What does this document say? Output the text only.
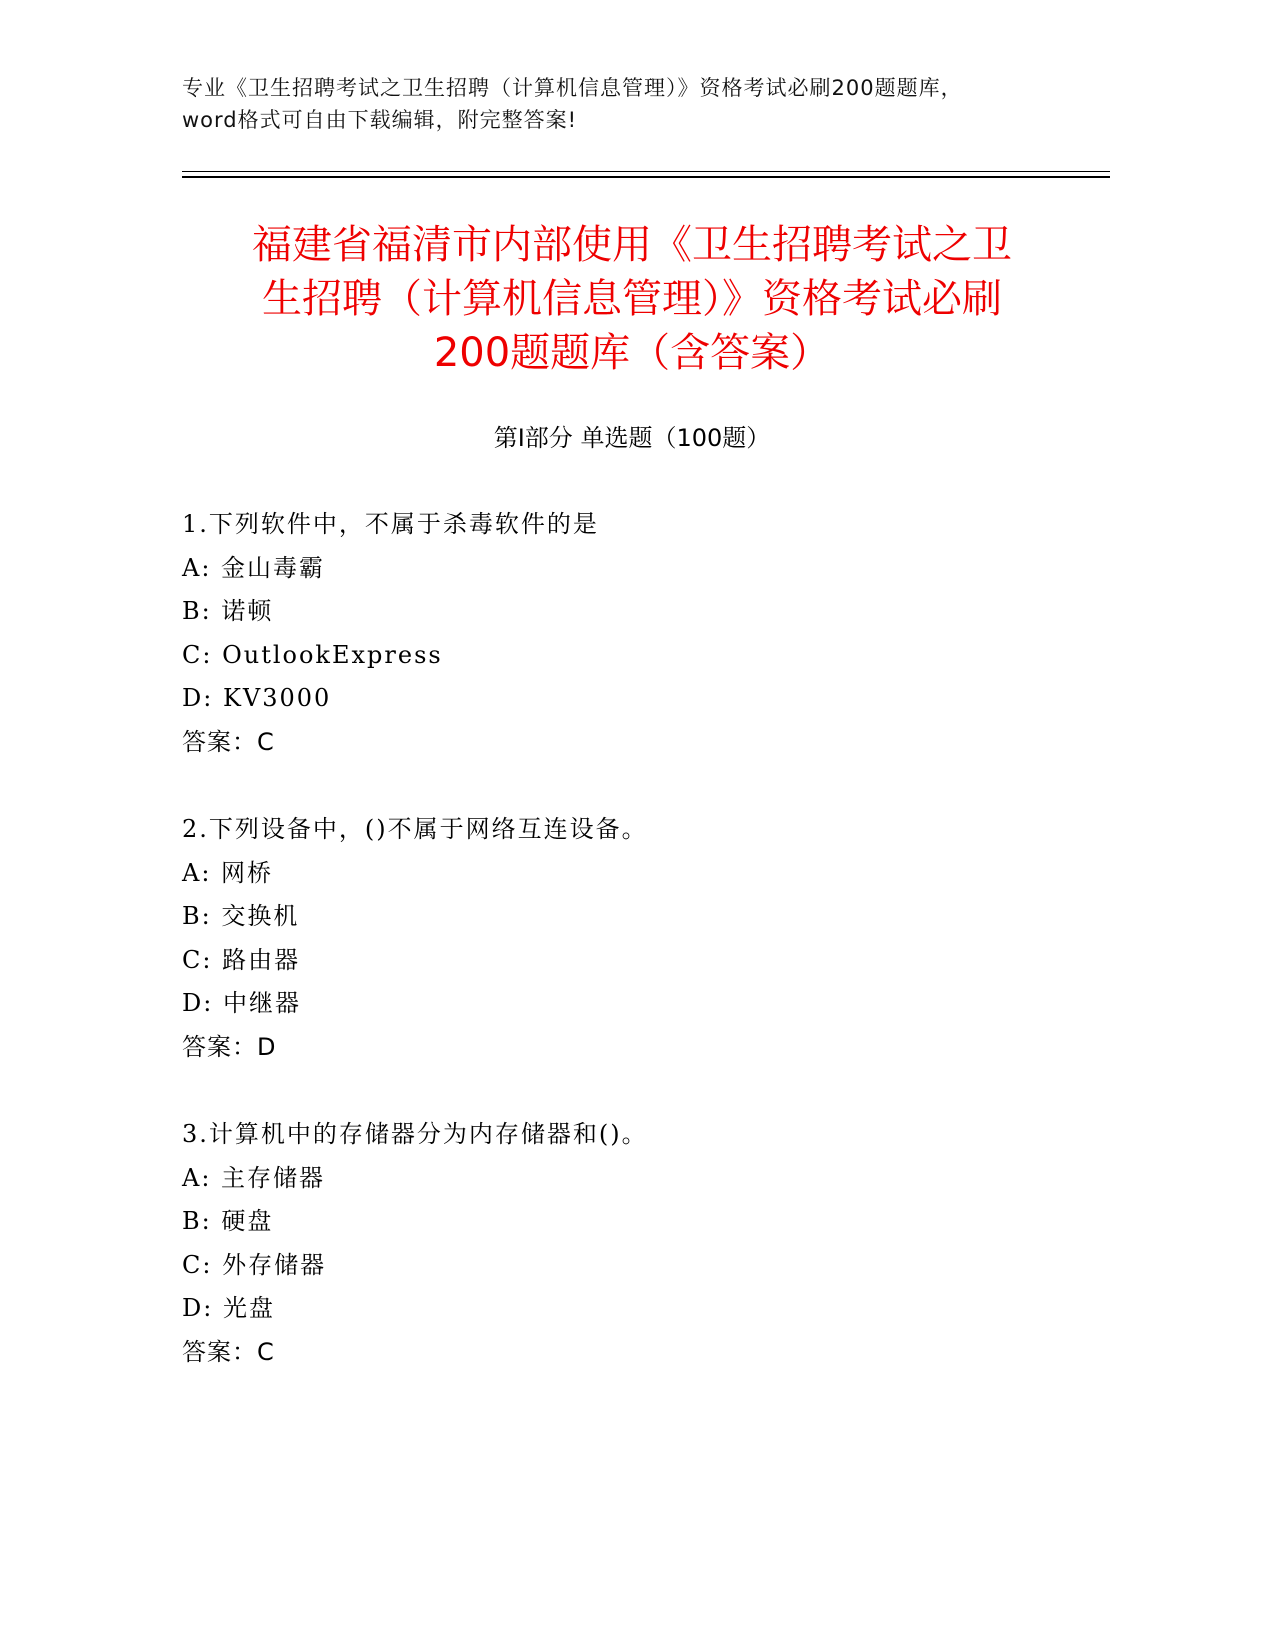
专业《卫生招聘考试之卫生招聘（计算机信息管理）》资格考试必刷200题题库，

word格式可自由下载编辑，附完整答案!

福建省福清市内部使用《卫生招聘考试之卫

生招聘（计算机信息管理）》资格考试必刷

200题题库（含答案）

第Ⅰ部分 单选题（100题）
1.下列软件中，不属于杀毒软件的是
A: 金山毒霸
B: 诺顿
C: OutlookExpress
D: KV3000
答案：C
2.下列设备中，()不属于网络互连设备。
A: 网桥
B: 交换机
C: 路由器
D: 中继器
答案：D
3.计算机中的存储器分为内存储器和()。
A: 主存储器
B: 硬盘
C: 外存储器
D: 光盘
答案：C
